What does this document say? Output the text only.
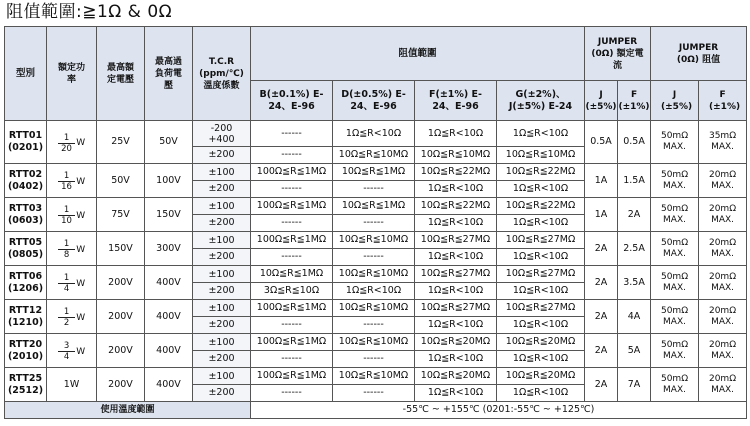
阻值範圍:≧1Ω & 0Ω
型別	額定功率	最高額定電壓	最高過負荷電壓	T.C.R (ppm/℃) 溫度係數	阻值範圍				JUMPER (0Ω) 額定電流		JUMPER (0Ω) 阻值	
					B(±0.1%) E-24、E-96	D(±0.5%) E-24、E-96	F(±1%) E-24、E-96	G(±2%)、J(±5%) E-24	J (±5%)	F (±1%)	J (±5%)	F (±1%)
RTT01 (0201)	$\frac{1}{20}$ W	25V	50V	-200 +400	------	1Ω≦R<10Ω	1Ω≦R<10Ω	1Ω≦R<10Ω	0.5A	0.5A	50mΩ MAX.	35mΩ MAX.
				±200	------	10Ω≦R≦10MΩ	10Ω≦R≦10MΩ	10Ω≦R≦10MΩ				
RTT02 (0402)	$\frac{1}{16}$ W	50V	100V	±100	100Ω≦R≦1MΩ	10Ω≦R≦1MΩ	10Ω≦R≦22MΩ	10Ω≦R≦22MΩ	1A	1.5A	50mΩ MAX.	20mΩ MAX.
				±200	------	------	1Ω≦R<10Ω	1Ω≦R<10Ω				
RTT03 (0603)	$\frac{1}{10}$ W	75V	150V	±100	100Ω≦R≦1MΩ	10Ω≦R≦1MΩ	10Ω≦R≦22MΩ	10Ω≦R≦22MΩ	1A	2A	50mΩ MAX.	20mΩ MAX.
				±200	------	------	1Ω≦R<10Ω	1Ω≦R<10Ω				
RTT05 (0805)	$\frac{1}{8}$ W	150V	300V	±100	100Ω≦R≦1MΩ	10Ω≦R≦10MΩ	10Ω≦R≦27MΩ	10Ω≦R≦27MΩ	2A	2.5A	50mΩ MAX.	20mΩ MAX.
				±200	------	------	1Ω≦R<10Ω	1Ω≦R<10Ω				
RTT06 (1206)	$\frac{1}{4}$ W	200V	400V	±100	10Ω≦R≦1MΩ	10Ω≦R≦10MΩ	10Ω≦R≦27MΩ	10Ω≦R≦27MΩ	2A	3.5A	50mΩ MAX.	20mΩ MAX.
				±200	3Ω≦R≦10Ω	1Ω≦R<10Ω	1Ω≦R<10Ω	1Ω≦R<10Ω				
RTT12 (1210)	$\frac{1}{2}$ W	200V	400V	±100	100Ω≦R≦1MΩ	10Ω≦R≦10MΩ	10Ω≦R≦27MΩ	10Ω≦R≦27MΩ	2A	4A	50mΩ MAX.	20mΩ MAX.
				±200	------	------	1Ω≦R<10Ω	1Ω≦R<10Ω				
RTT20 (2010)	$\frac{3}{4}$ W	200V	400V	±100	100Ω≦R≦1MΩ	10Ω≦R≦10MΩ	10Ω≦R≦20MΩ	10Ω≦R≦20MΩ	2A	5A	50mΩ MAX.	20mΩ MAX.
				±200	------	------	1Ω≦R<10Ω	1Ω≦R<10Ω				
RTT25 (2512)	1W	200V	400V	±100	100Ω≦R≦1MΩ	10Ω≦R≦10MΩ	10Ω≦R≦20MΩ	10Ω≦R≦20MΩ	2A	7A	50mΩ MAX.	20mΩ MAX.
				±200	------	------	1Ω≦R<10Ω	1Ω≦R<10Ω				
使用溫度範圍					-55℃ ~ +155℃ (0201:-55℃ ~ +125℃)							
